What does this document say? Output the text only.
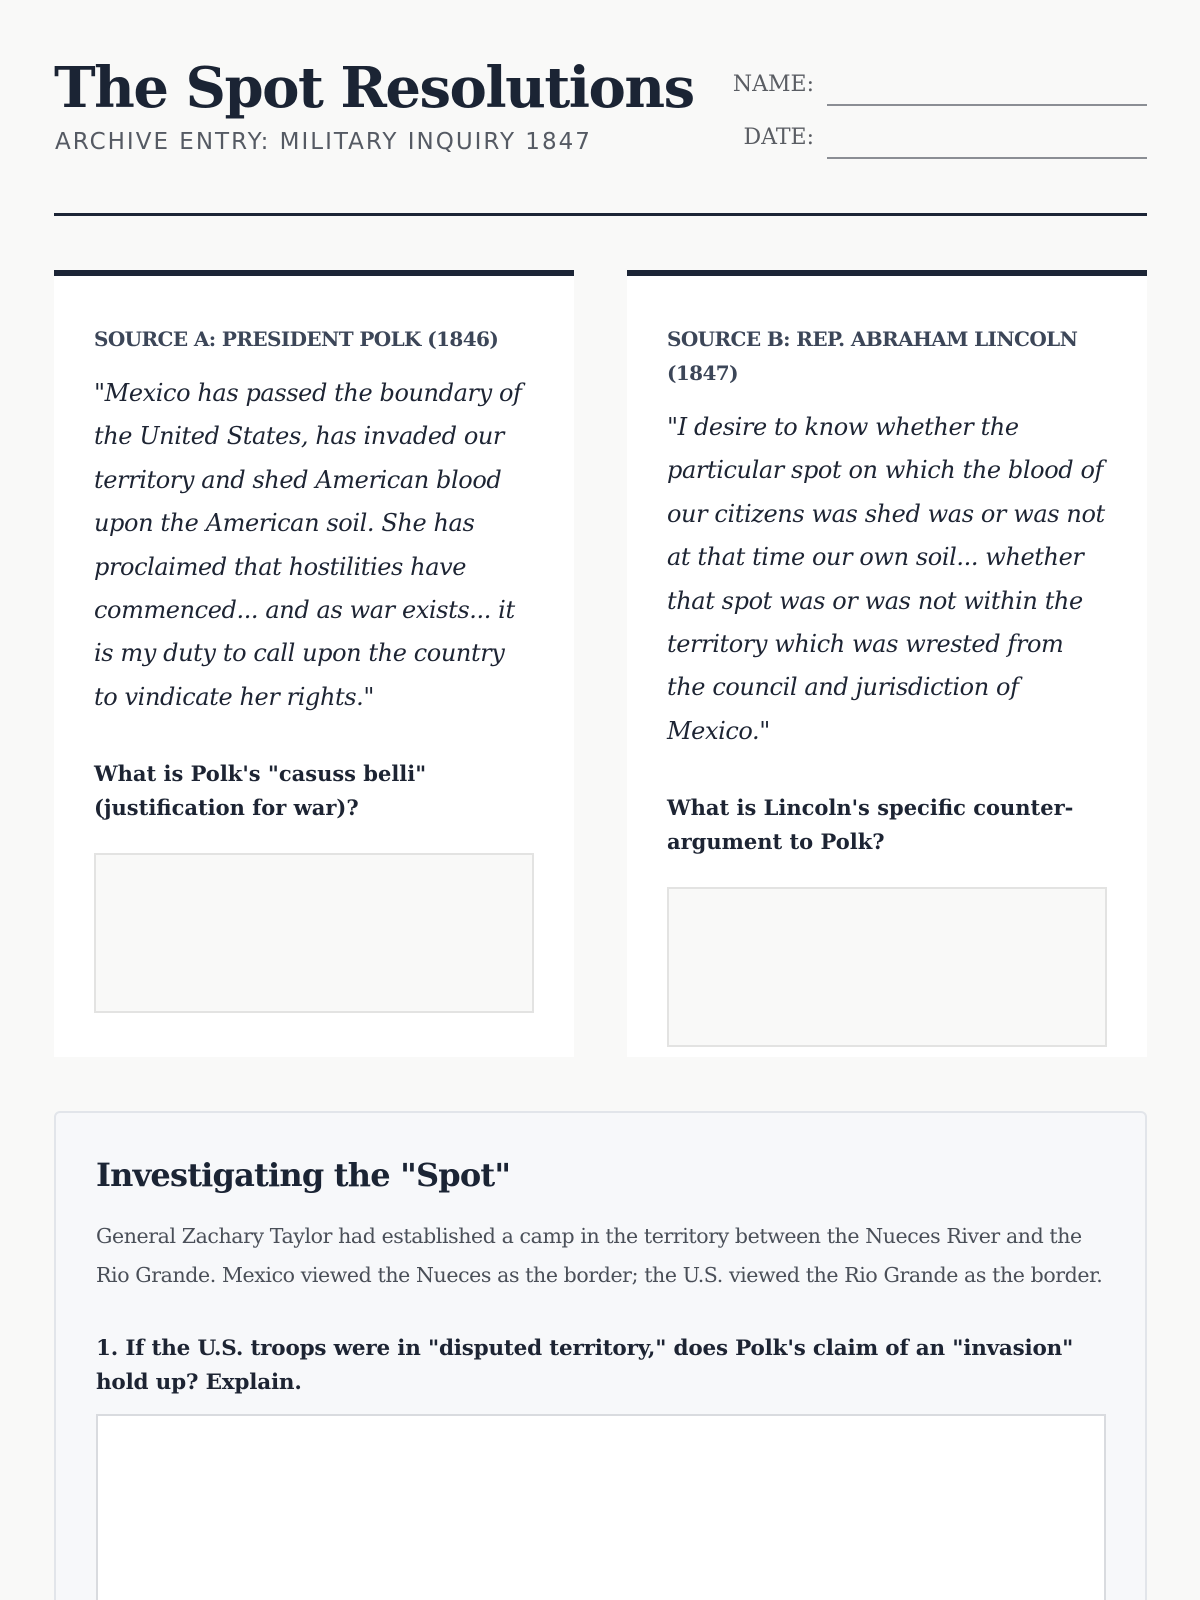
The Spot Resolutions
ARCHIVE ENTRY: MILITARY INQUIRY 1847
NAME:
DATE:
SOURCE A: PRESIDENT POLK (1846)
"Mexico has passed the boundary of the United States, has invaded our territory and shed American blood upon the American soil. She has proclaimed that hostilities have commenced... and as war exists... it is my duty to call upon the country to vindicate her rights."
What is Polk's "casuss belli" (justification for war)?
SOURCE B: REP. ABRAHAM LINCOLN (1847)
"I desire to know whether the particular spot on which the blood of our citizens was shed was or was not at that time our own soil... whether that spot was or was not within the territory which was wrested from the council and jurisdiction of Mexico."
What is Lincoln's specific counter-argument to Polk?
Investigating the "Spot"
General Zachary Taylor had established a camp in the territory between the Nueces River and the Rio Grande. Mexico viewed the Nueces as the border; the U.S. viewed the Rio Grande as the border.
1. If the U.S. troops were in "disputed territory," does Polk's claim of an "invasion" hold up? Explain.
